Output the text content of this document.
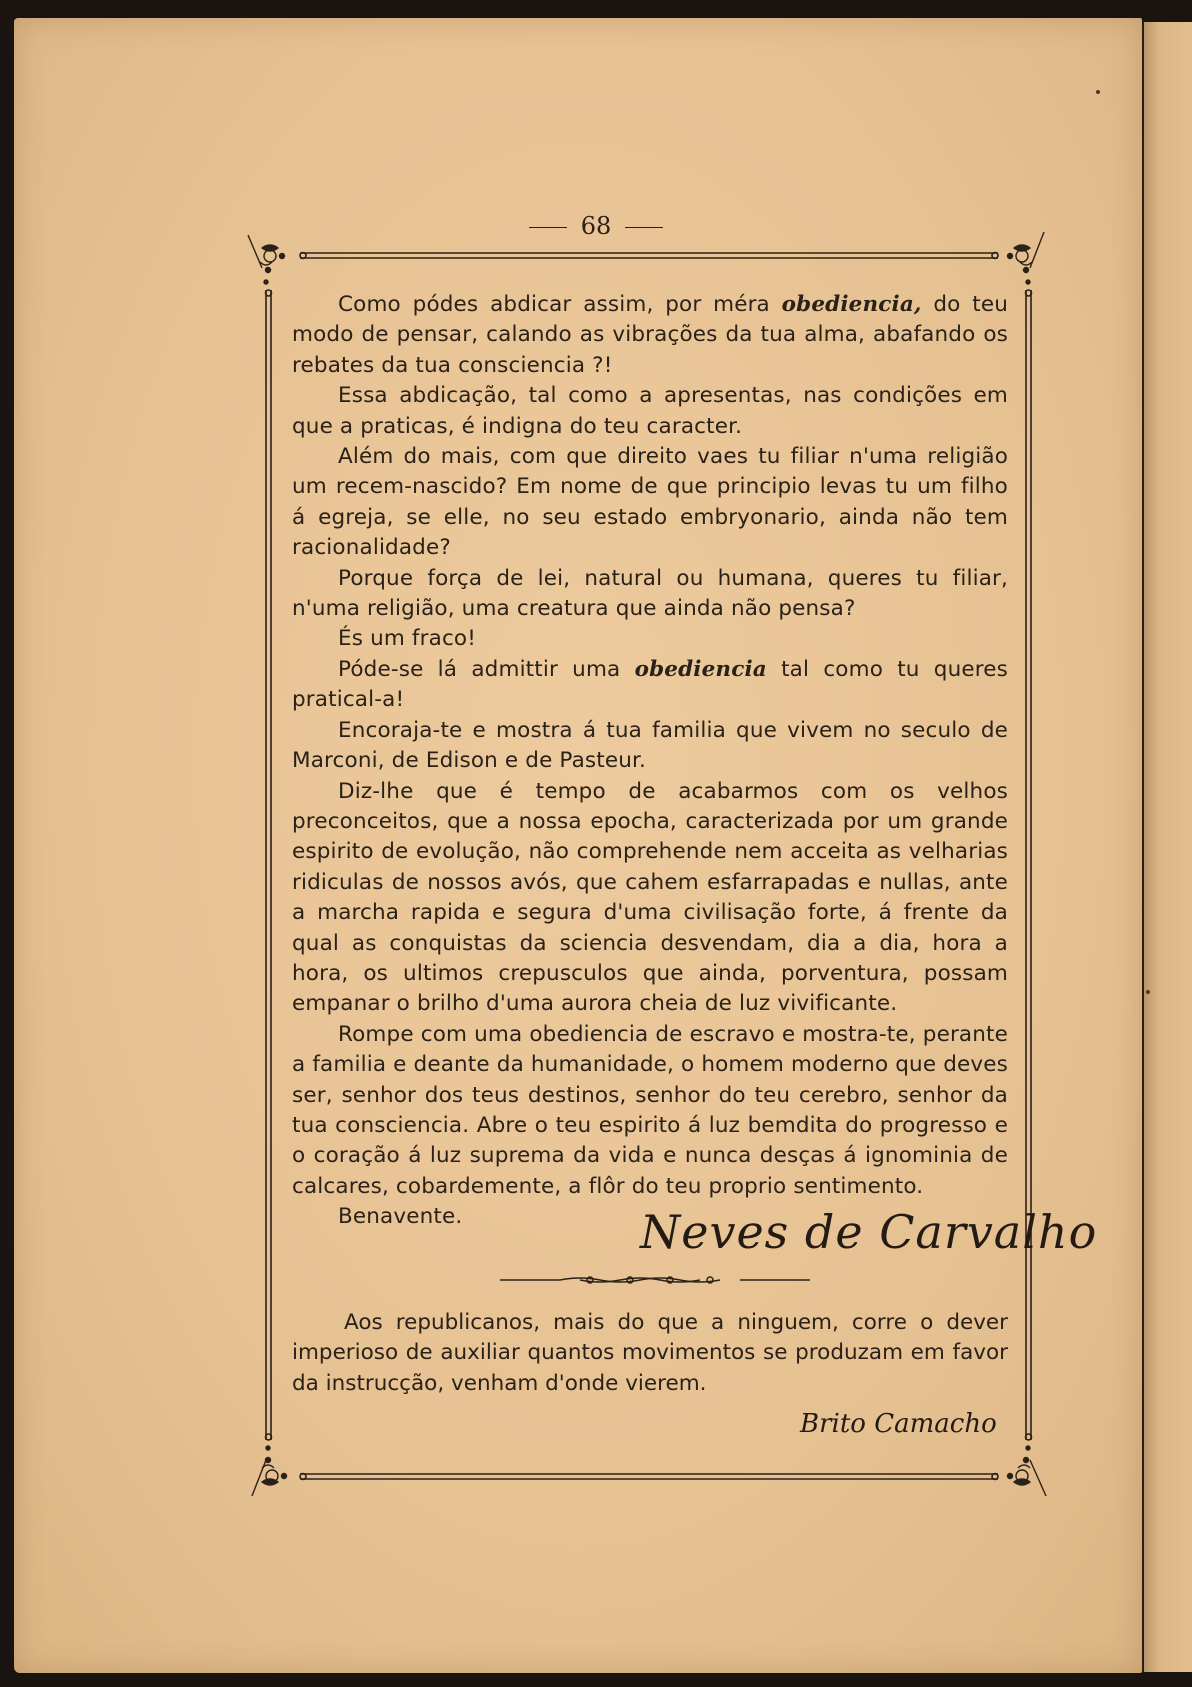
68

Como pódes abdicar assim, por méra obediencia, do teu modo de pensar, calando as vibrações da tua alma, abafando os rebates da tua consciencia ?!

Essa abdicação, tal como a apresentas, nas condições em que a praticas, é indigna do teu caracter.

Além do mais, com que direito vaes tu filiar n'uma religião um recem-nascido? Em nome de que principio levas tu um filho á egreja, se elle, no seu estado embryonario, ainda não tem racionalidade?

Porque força de lei, natural ou humana, queres tu filiar, n'uma religião, uma creatura que ainda não pensa?

És um fraco!

Póde-se lá admittir uma obediencia tal como tu queres pratical-a!

Encoraja-te e mostra á tua familia que vivem no seculo de Marconi, de Edison e de Pasteur.

Diz-lhe que é tempo de acabarmos com os velhos preconceitos, que a nossa epocha, caracterizada por um grande espirito de evolução, não comprehende nem acceita as velharias ridiculas de nossos avós, que cahem esfarrapadas e nullas, ante a marcha rapida e segura d'uma civilisação forte, á frente da qual as conquistas da sciencia desvendam, dia a dia, hora a hora, os ultimos crepusculos que ainda, porventura, possam empanar o brilho d'uma aurora cheia de luz vivificante.

Rompe com uma obediencia de escravo e mostra-te, perante a familia e deante da humanidade, o homem moderno que deves ser, senhor dos teus destinos, senhor do teu cerebro, senhor da tua consciencia. Abre o teu espirito á luz bemdita do progresso e o coração á luz suprema da vida e nunca desças á ignominia de calcares, cobardemente, a flôr do teu proprio sentimento.

Benavente.	Neves de Carvalho

Aos republicanos, mais do que a ninguem, corre o dever imperioso de auxiliar quantos movimentos se produzam em favor da instrucção, venham d'onde vierem.

Brito Camacho
